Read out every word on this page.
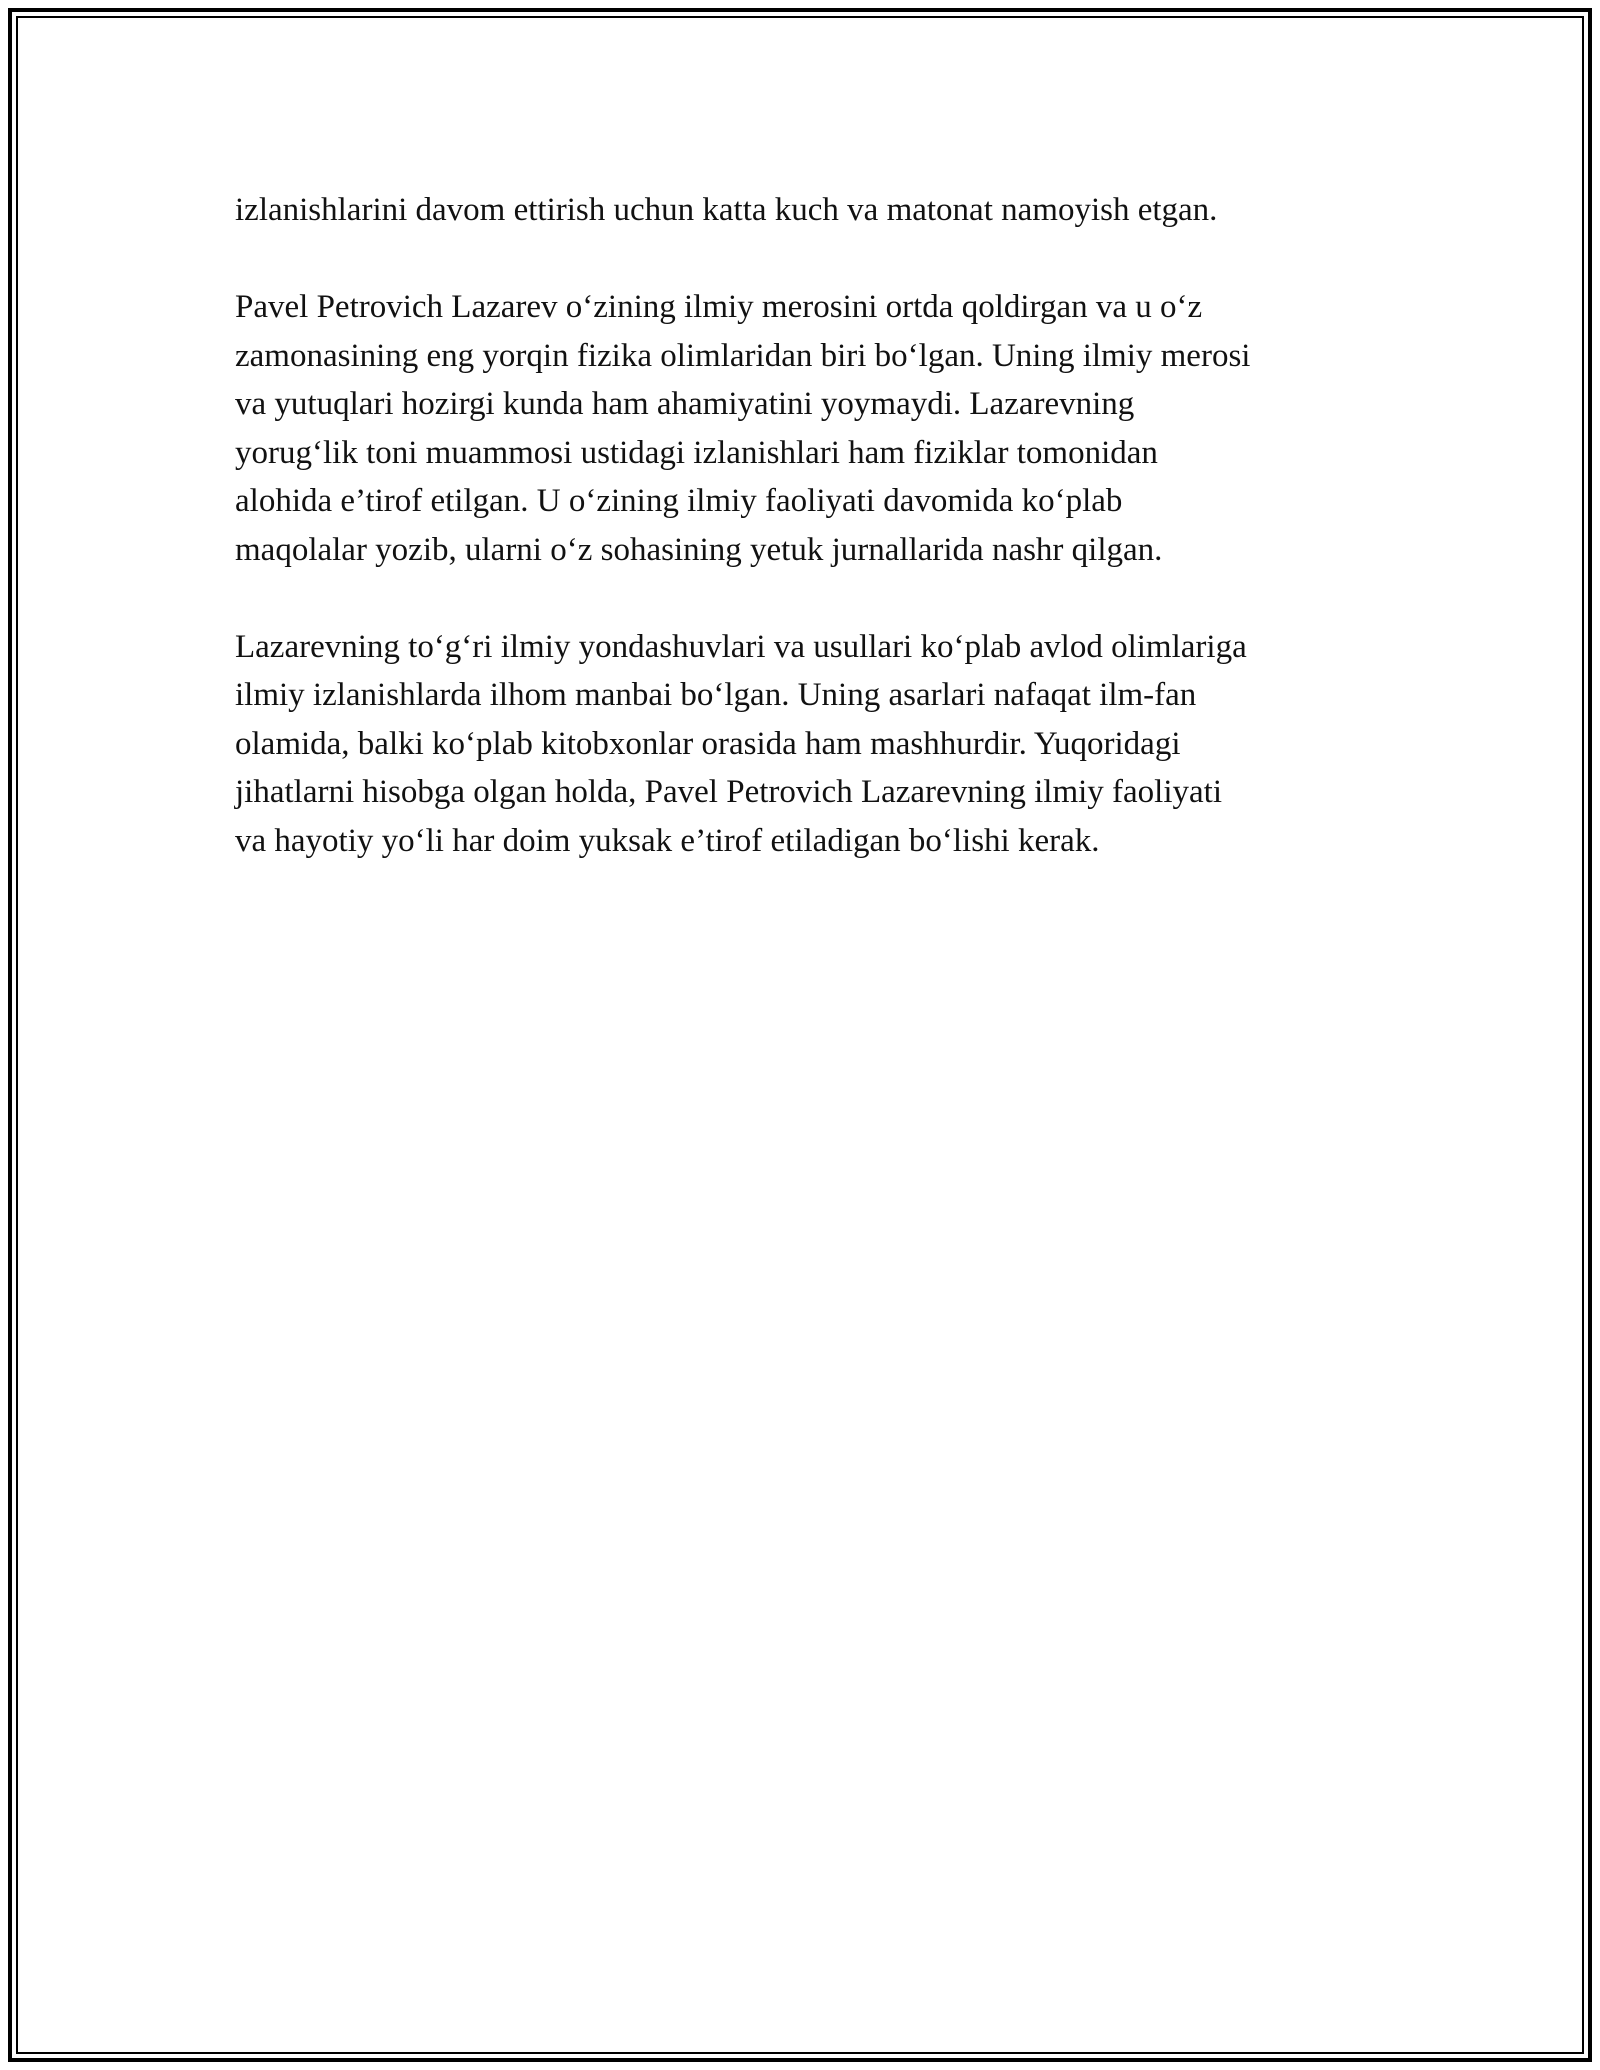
izlanishlarini davom ettirish uchun katta kuch va matonat namoyish etgan.

Pavel Petrovich Lazarev o‘zining ilmiy merosini ortda qoldirgan va u o‘z
zamonasining eng yorqin fizika olimlaridan biri bo‘lgan. Uning ilmiy merosi
va yutuqlari hozirgi kunda ham ahamiyatini yoymaydi. Lazarevning
yorug‘lik toni muammosi ustidagi izlanishlari ham fiziklar tomonidan
alohida e’tirof etilgan. U o‘zining ilmiy faoliyati davomida ko‘plab
maqolalar yozib, ularni o‘z sohasining yetuk jurnallarida nashr qilgan.

Lazarevning to‘g‘ri ilmiy yondashuvlari va usullari ko‘plab avlod olimlariga
ilmiy izlanishlarda ilhom manbai bo‘lgan. Uning asarlari nafaqat ilm-fan
olamida, balki ko‘plab kitobxonlar orasida ham mashhurdir. Yuqoridagi
jihatlarni hisobga olgan holda, Pavel Petrovich Lazarevning ilmiy faoliyati
va hayotiy yo‘li har doim yuksak e’tirof etiladigan bo‘lishi kerak.
